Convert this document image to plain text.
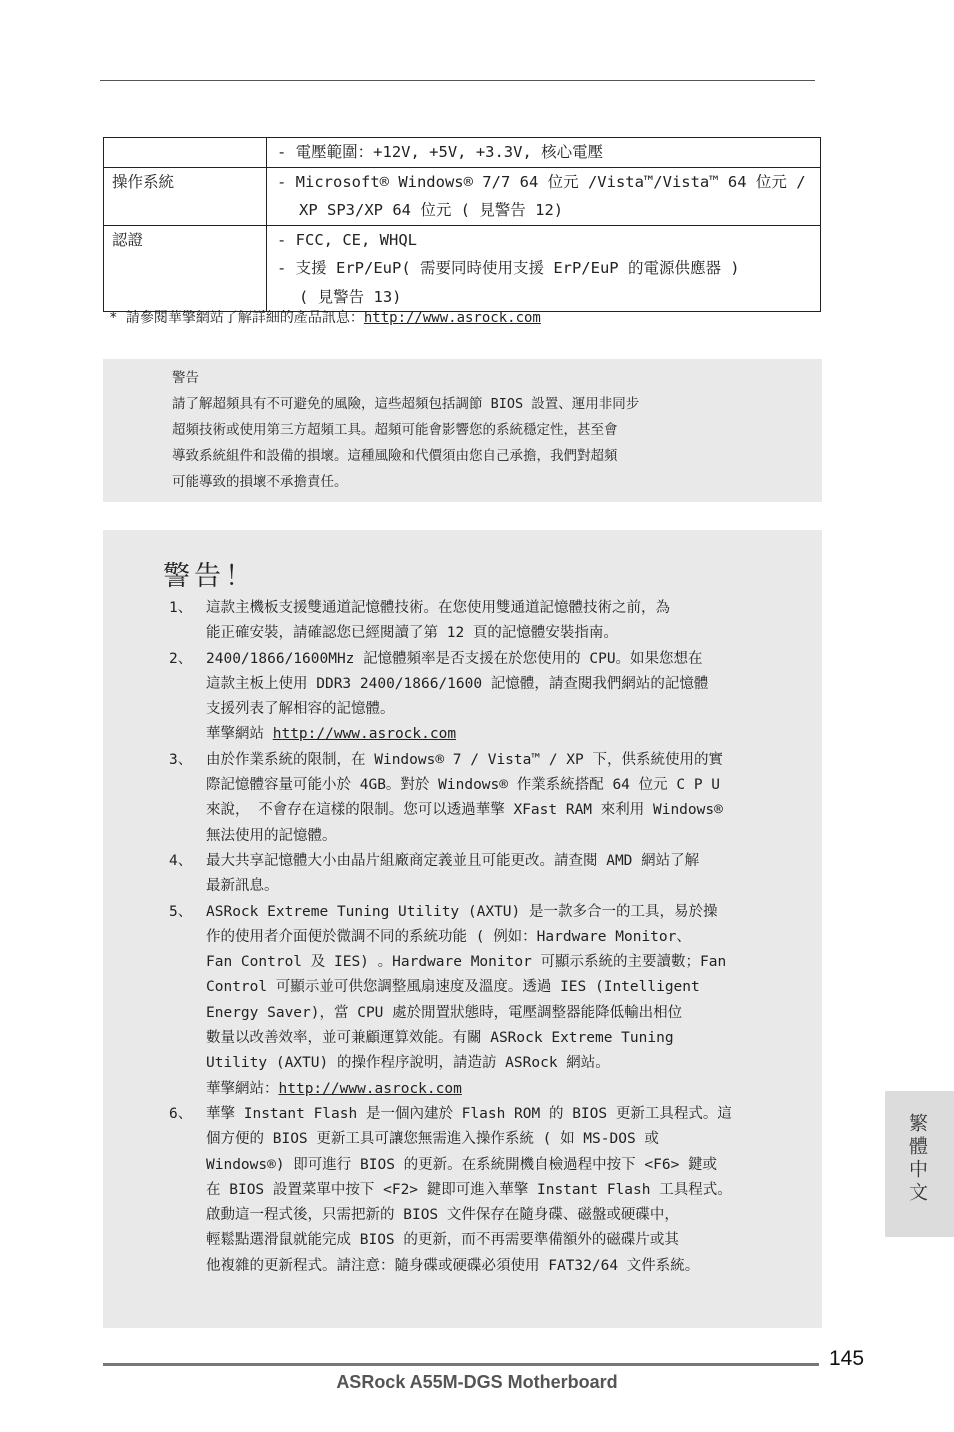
	- 電壓範圍：+12V, +5V, +3.3V, 核心電壓

操作系統	- Microsoft® Windows® 7/7 64 位元 /Vista™/Vista™ 64 位元 /
XP SP3/XP 64 位元 ( 見警告 12)

認證	- FCC, CE, WHQL
- 支援 ErP/EuP( 需要同時使用支援 ErP/EuP 的電源供應器 )
( 見警告 13)
* 請參閱華擎網站了解詳細的產品訊息：http://www.asrock.com
警告
請了解超頻具有不可避免的風險，這些超頻包括調節 BIOS 設置、運用非同步
超頻技術或使用第三方超頻工具。超頻可能會影響您的系統穩定性，甚至會
導致系統組件和設備的損壞。這種風險和代價須由您自己承擔，我們對超頻
可能導致的損壞不承擔責任。
警告！
1、 這款主機板支援雙通道記憶體技術。在您使用雙通道記憶體技術之前，為
能正確安裝，請確認您已經閱讀了第 12 頁的記憶體安裝指南。
2、 2400/1866/1600MHz 記憶體頻率是否支援在於您使用的 CPU。如果您想在
這款主板上使用 DDR3 2400/1866/1600 記憶體，請查閱我們網站的記憶體
支援列表了解相容的記憶體。
華擎網站 http://www.asrock.com
3、 由於作業系統的限制，在 Windows® 7 / Vista™ / XP 下，供系統使用的實
際記憶體容量可能小於 4GB。對於 Windows® 作業系統搭配 64 位元 C P U
來說， 不會存在這樣的限制。您可以透過華擎 XFast RAM 來利用 Windows®
無法使用的記憶體。
4、 最大共享記憶體大小由晶片組廠商定義並且可能更改。請查閱 AMD 網站了解
最新訊息。
5、 ASRock Extreme Tuning Utility (AXTU) 是一款多合一的工具，易於操
作的使用者介面便於微調不同的系統功能 ( 例如：Hardware Monitor、
Fan Control 及 IES) 。Hardware Monitor 可顯示系統的主要讀數；Fan
Control 可顯示並可供您調整風扇速度及溫度。透過 IES (Intelligent
Energy Saver)，當 CPU 處於閒置狀態時，電壓調整器能降低輸出相位
數量以改善效率，並可兼顧運算效能。有關 ASRock Extreme Tuning
Utility (AXTU) 的操作程序說明，請造訪 ASRock 網站。
華擎網站：http://www.asrock.com
6、 華擎 Instant Flash 是一個內建於 Flash ROM 的 BIOS 更新工具程式。這
個方便的 BIOS 更新工具可讓您無需進入操作系統 ( 如 MS-DOS 或
Windows®) 即可進行 BIOS 的更新。在系統開機自檢過程中按下 <F6> 鍵或
在 BIOS 設置菜單中按下 <F2> 鍵即可進入華擎 Instant Flash 工具程式。
啟動這一程式後，只需把新的 BIOS 文件保存在隨身碟、磁盤或硬碟中，
輕鬆點選滑鼠就能完成 BIOS 的更新，而不再需要準備額外的磁碟片或其
他複雜的更新程式。請注意：隨身碟或硬碟必須使用 FAT32/64 文件系統。
繁體中文
145
ASRock A55M-DGS Motherboard
